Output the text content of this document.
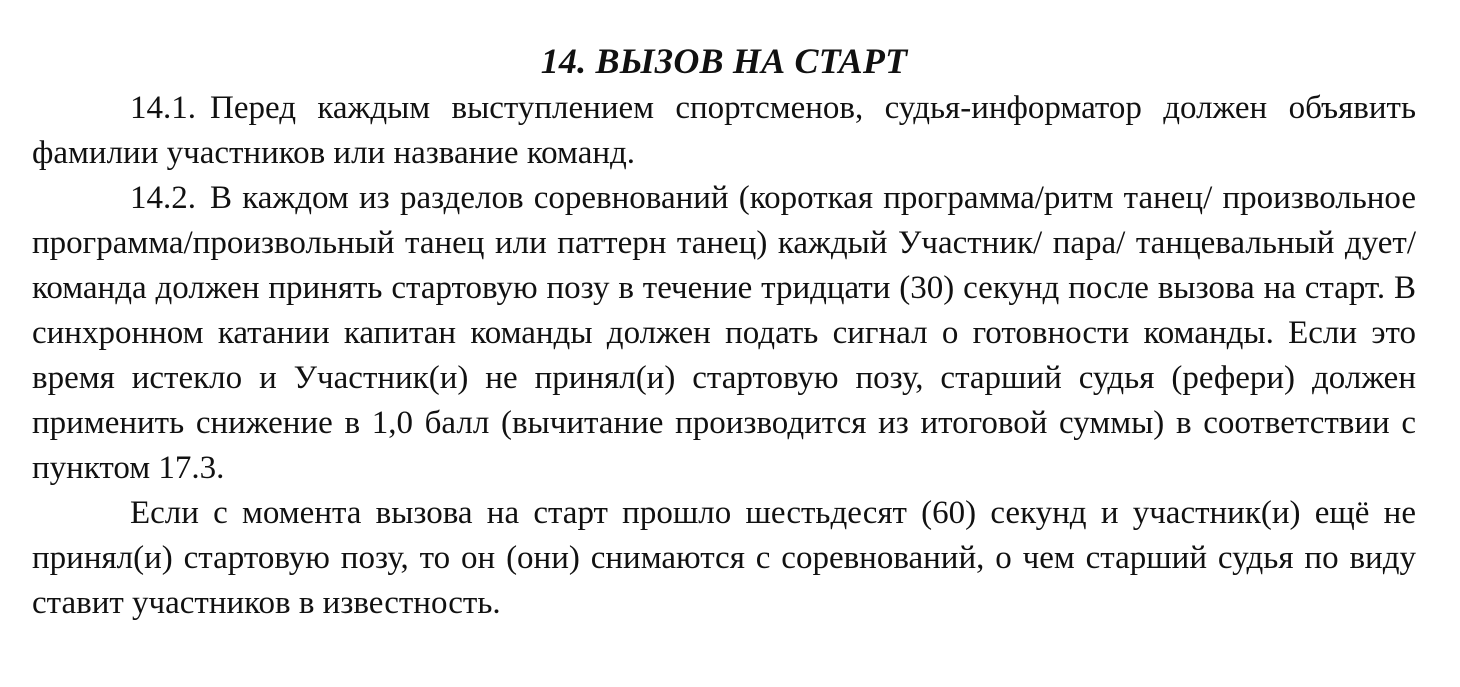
14. ВЫЗОВ НА СТАРТ

14.1. Перед каждым выступлением спортсменов, судья-информатор должен объявить фамилии участников или название команд.

14.2. В каждом из разделов соревнований (короткая программа/ритм танец/ произвольное программа/произвольный танец или паттерн танец) каждый Участник/ пара/ танцевальный дует/команда должен принять стартовую позу в течение тридцати (30) секунд после вызова на старт. В синхронном катании капитан команды должен подать сигнал о готовности команды. Если это время истекло и Участник(и) не принял(и) стартовую позу, старший судья (рефери) должен применить снижение в 1,0 балл (вычитание производится из итоговой суммы) в соответствии с пунктом 17.3.

Если с момента вызова на старт прошло шестьдесят (60) секунд и участник(и) ещё не принял(и) стартовую позу, то он (они) снимаются с соревнований, о чем старший судья по виду ставит участников в известность.
